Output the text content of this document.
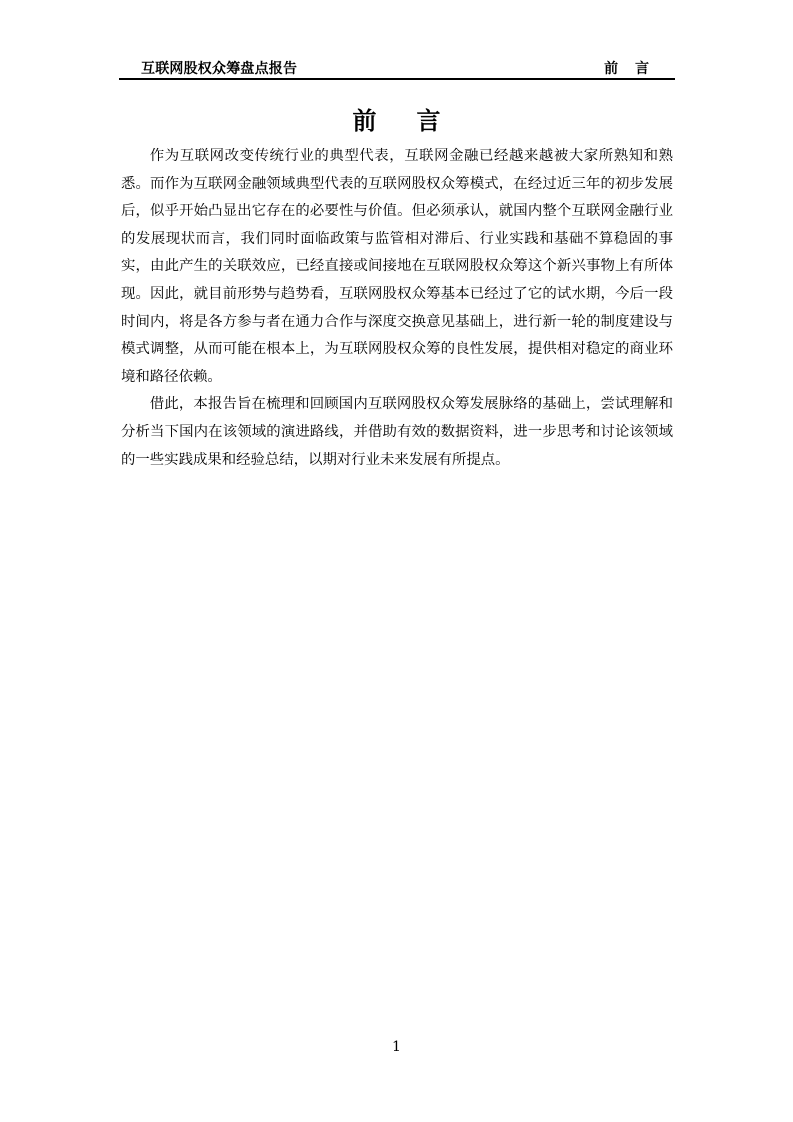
互联网股权众筹盘点报告	前 言
前言

作为互联网改变传统行业的典型代表，互联网金融已经越来越被大家所熟知和熟悉。而作为互联网金融领域典型代表的互联网股权众筹模式，在经过近三年的初步发展后，似乎开始凸显出它存在的必要性与价值。但必须承认，就国内整个互联网金融行业的发展现状而言，我们同时面临政策与监管相对滞后、行业实践和基础不算稳固的事实，由此产生的关联效应，已经直接或间接地在互联网股权众筹这个新兴事物上有所体现。因此，就目前形势与趋势看，互联网股权众筹基本已经过了它的试水期，今后一段时间内，将是各方参与者在通力合作与深度交换意见基础上，进行新一轮的制度建设与模式调整，从而可能在根本上，为互联网股权众筹的良性发展，提供相对稳定的商业环境和路径依赖。

借此，本报告旨在梳理和回顾国内互联网股权众筹发展脉络的基础上，尝试理解和分析当下国内在该领域的演进路线，并借助有效的数据资料，进一步思考和讨论该领域的一些实践成果和经验总结，以期对行业未来发展有所提点。

1
